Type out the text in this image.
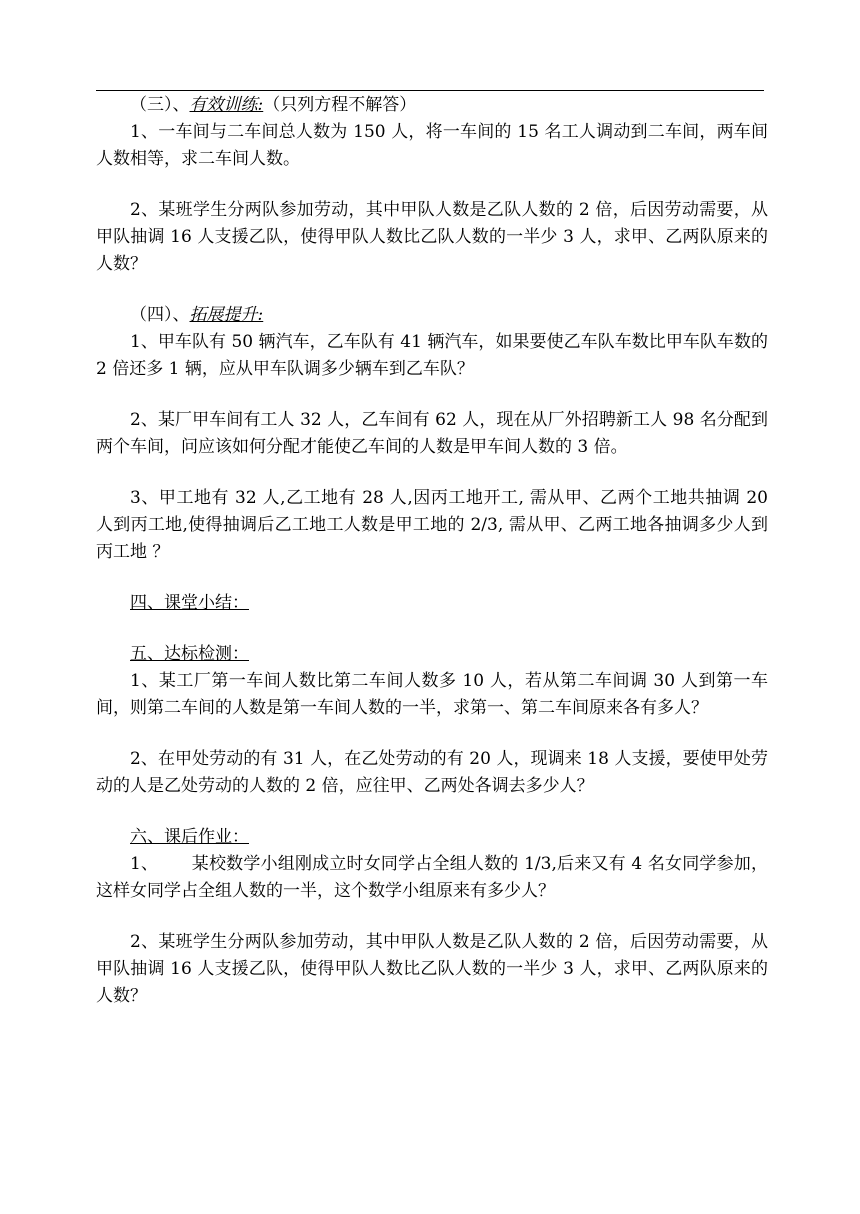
（三）、有效训练:（只列方程不解答）

1、一车间与二车间总人数为 150 人，将一车间的 15 名工人调动到二车间，两车间人数相等，求二车间人数。

2、某班学生分两队参加劳动，其中甲队人数是乙队人数的 2 倍，后因劳动需要，从甲队抽调 16 人支援乙队，使得甲队人数比乙队人数的一半少 3 人，求甲、乙两队原来的人数？

（四）、拓展提升:

1、甲车队有 50 辆汽车，乙车队有 41 辆汽车，如果要使乙车队车数比甲车队车数的 2 倍还多 1 辆，应从甲车队调多少辆车到乙车队？

2、某厂甲车间有工人 32 人，乙车间有 62 人，现在从厂外招聘新工人 98 名分配到两个车间，问应该如何分配才能使乙车间的人数是甲车间人数的 3 倍。

3、甲工地有 32 人,乙工地有 28 人,因丙工地开工, 需从甲、乙两个工地共抽调 20 人到丙工地,使得抽调后乙工地工人数是甲工地的 2/3, 需从甲、乙两工地各抽调多少人到丙工地 ？

四、课堂小结：

五、达标检测：

1、某工厂第一车间人数比第二车间人数多 10 人，若从第二车间调 30 人到第一车间，则第二车间的人数是第一车间人数的一半，求第一、第二车间原来各有多人？

2、在甲处劳动的有 31 人，在乙处劳动的有 20 人，现调来 18 人支援，要使甲处劳动的人是乙处劳动的人数的 2 倍，应往甲、乙两处各调去多少人？

六、课后作业：

1、      某校数学小组刚成立时女同学占全组人数的 1/3,后来又有 4 名女同学参加，这样女同学占全组人数的一半，这个数学小组原来有多少人？

2、某班学生分两队参加劳动，其中甲队人数是乙队人数的 2 倍，后因劳动需要，从甲队抽调 16 人支援乙队，使得甲队人数比乙队人数的一半少 3 人，求甲、乙两队原来的人数？
